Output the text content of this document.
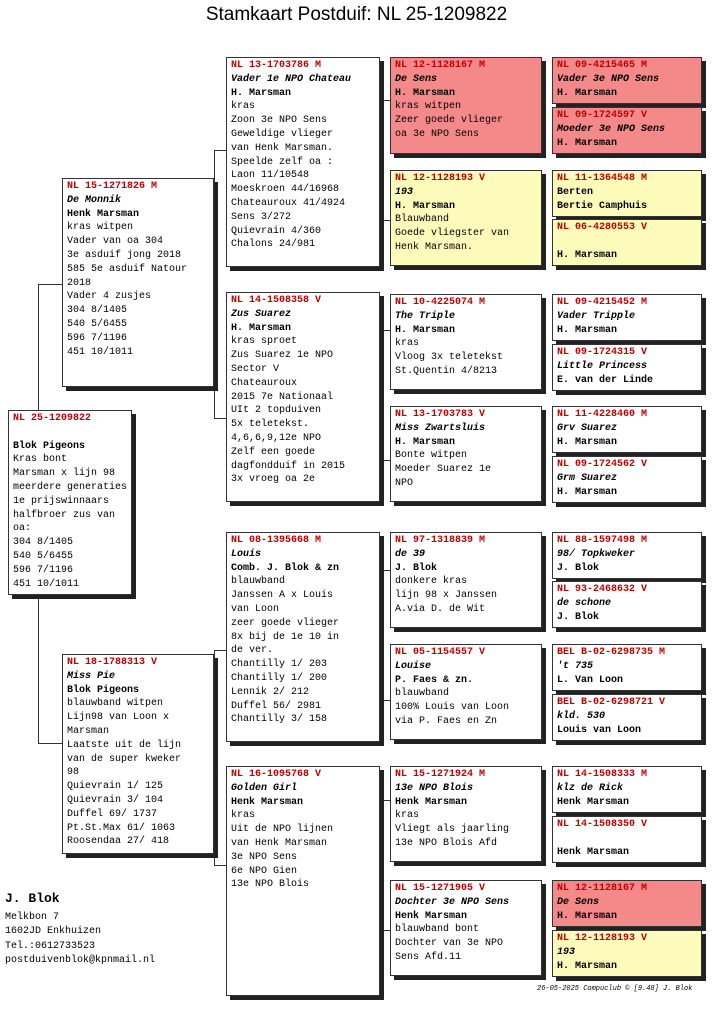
Stamkaart Postduif: NL 25-1209822
NL 25-1209822
Blok Pigeons
Kras bont
Marsman x lijn 98
meerdere generaties
1e prijswinnaars
halfbroer zus van
oa:
304 8/1405
540 5/6455
596 7/1196
451 10/1011
NL 15-1271826 M
De Monnik
Henk Marsman
kras witpen
Vader van oa 304
3e asduif jong 2018
585 5e asduif Natour
2018
Vader 4 zusjes
304 8/1405
540 5/6455
596 7/1196
451 10/1011
NL 18-1788313 V
Miss Pie
Blok Pigeons
blauwband witpen
Lijn98 van Loon x
Marsman
Laatste uit de lijn
van de super kweker
98
Quievrain 1/ 125
Quievrain 3/ 104
Duffel 69/ 1737
Pt.St.Max 61/ 1063
Roosendaa 27/ 418
NL 13-1703786 M
Vader 1e NPO Chateau
H. Marsman
kras
Zoon 3e NPO Sens
Geweldige vlieger
van Henk Marsman.
Speelde zelf oa :
Laon 11/10548
Moeskroen 44/16968
Chateauroux 41/4924
Sens 3/272
Quievrain 4/360
Chalons 24/981
NL 14-1508358 V
Zus Suarez
H. Marsman
kras sproet
Zus Suarez 1e NPO
Sector V
Chateauroux
2015 7e Nationaal
UIt 2 topduiven
5x teletekst.
4,6,6,9,12e NPO
Zelf een goede
dagfondduif in 2015
3x vroeg oa 2e
NL 08-1395668 M
Louis
Comb. J. Blok & zn
blauwband
Janssen A x Louis
van Loon
zeer goede vlieger
8x bij de 1e 10 in
de ver.
Chantilly 1/ 203
Chantilly 1/ 200
Lennik 2/ 212
Duffel 56/ 2981
Chantilly 3/ 158
NL 16-1095768 V
Golden Girl
Henk Marsman
kras
Uit de NPO lijnen
van Henk Marsman
3e NPO Sens
6e NPO Gien
13e NPO Blois
NL 12-1128167 M
De Sens
H. Marsman
kras witpen
Zeer goede vlieger
oa 3e NPO Sens
NL 12-1128193 V
193
H. Marsman
Blauwband
Goede vliegster van
Henk Marsman.
NL 10-4225074 M
The Triple
H. Marsman
kras
Vloog 3x teletekst
St.Quentin 4/8213
NL 13-1703783 V
Miss Zwartsluis
H. Marsman
Bonte witpen
Moeder Suarez 1e
NPO
NL 97-1318839 M
de 39
J. Blok
donkere kras
lijn 98 x Janssen
A.via D. de Wit
NL 05-1154557 V
Louise
P. Faes & zn.
blauwband
100% Louis van Loon
via P. Faes en Zn
NL 15-1271924 M
13e NPO Blois
Henk Marsman
kras
Vliegt als jaarling
13e NPO Blois Afd
NL 15-1271905 V
Dochter 3e NPO Sens
Henk Marsman
blauwband bont
Dochter van 3e NPO
Sens Afd.11
NL 09-4215465 M
Vader 3e NPO Sens
H. Marsman
NL 09-1724597 V
Moeder 3e NPO Sens
H. Marsman
NL 11-1364548 M
Berten
Bertie Camphuis
NL 06-4280553 V
H. Marsman
NL 09-4215452 M
Vader Tripple
H. Marsman
NL 09-1724315 V
Little Princess
E. van der Linde
NL 11-4228460 M
Grv Suarez
H. Marsman
NL 09-1724562 V
Grm Suarez
H. Marsman
NL 88-1597498 M
98/ Topkweker
J. Blok
NL 93-2468632 V
de schone
J. Blok
BEL B-02-6298735 M
't 735
L. Van Loon
BEL B-02-6298721 V
kld. 530
Louis van Loon
NL 14-1508333 M
klz de Rick
Henk Marsman
NL 14-1508350 V
Henk Marsman
NL 12-1128167 M
De Sens
H. Marsman
NL 12-1128193 V
193
H. Marsman
J. Blok
Melkbon 7
1602JD Enkhuizen
Tel.:0612733523
postduivenblok@kpnmail.nl
26-05-2025 Compuclub © [9.48] J. Blok
